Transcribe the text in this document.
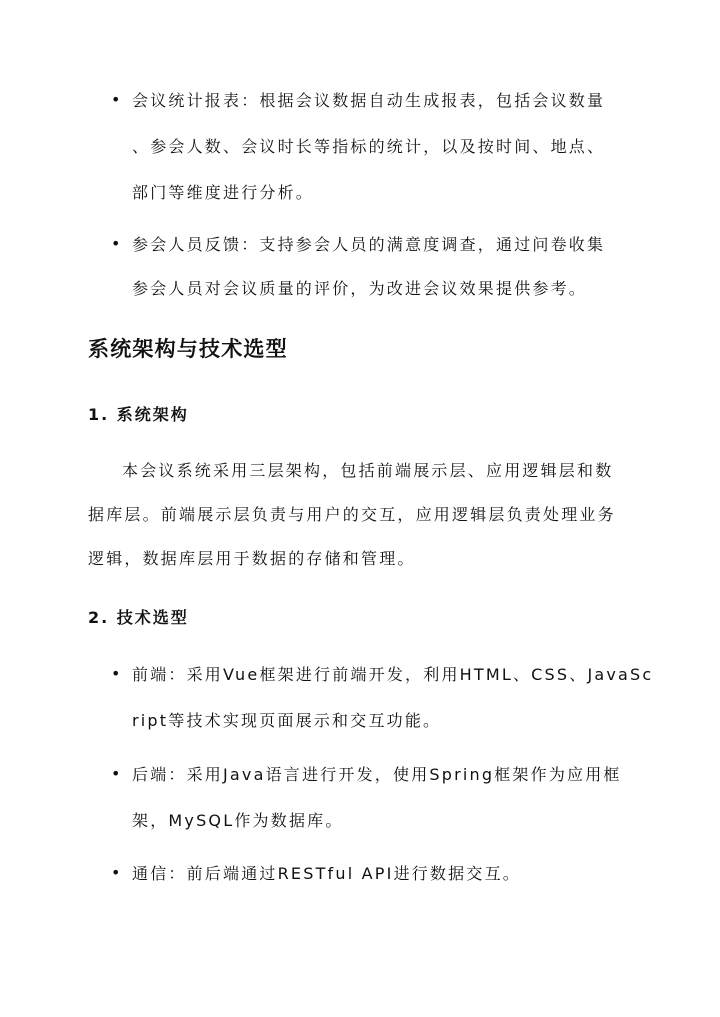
• 会议统计报表：根据会议数据自动生成报表，包括会议数量
、参会人数、会议时长等指标的统计，以及按时间、地点、
部门等维度进行分析。
• 参会人员反馈：支持参会人员的满意度调查，通过问卷收集
参会人员对会议质量的评价，为改进会议效果提供参考。
系统架构与技术选型
1. 系统架构
本会议系统采用三层架构，包括前端展示层、应用逻辑层和数
据库层。前端展示层负责与用户的交互，应用逻辑层负责处理业务
逻辑，数据库层用于数据的存储和管理。
2. 技术选型
• 前端：采用Vue框架进行前端开发，利用HTML、CSS、JavaSc
ript等技术实现页面展示和交互功能。
• 后端：采用Java语言进行开发，使用Spring框架作为应用框
架，MySQL作为数据库。
• 通信：前后端通过RESTful API进行数据交互。
